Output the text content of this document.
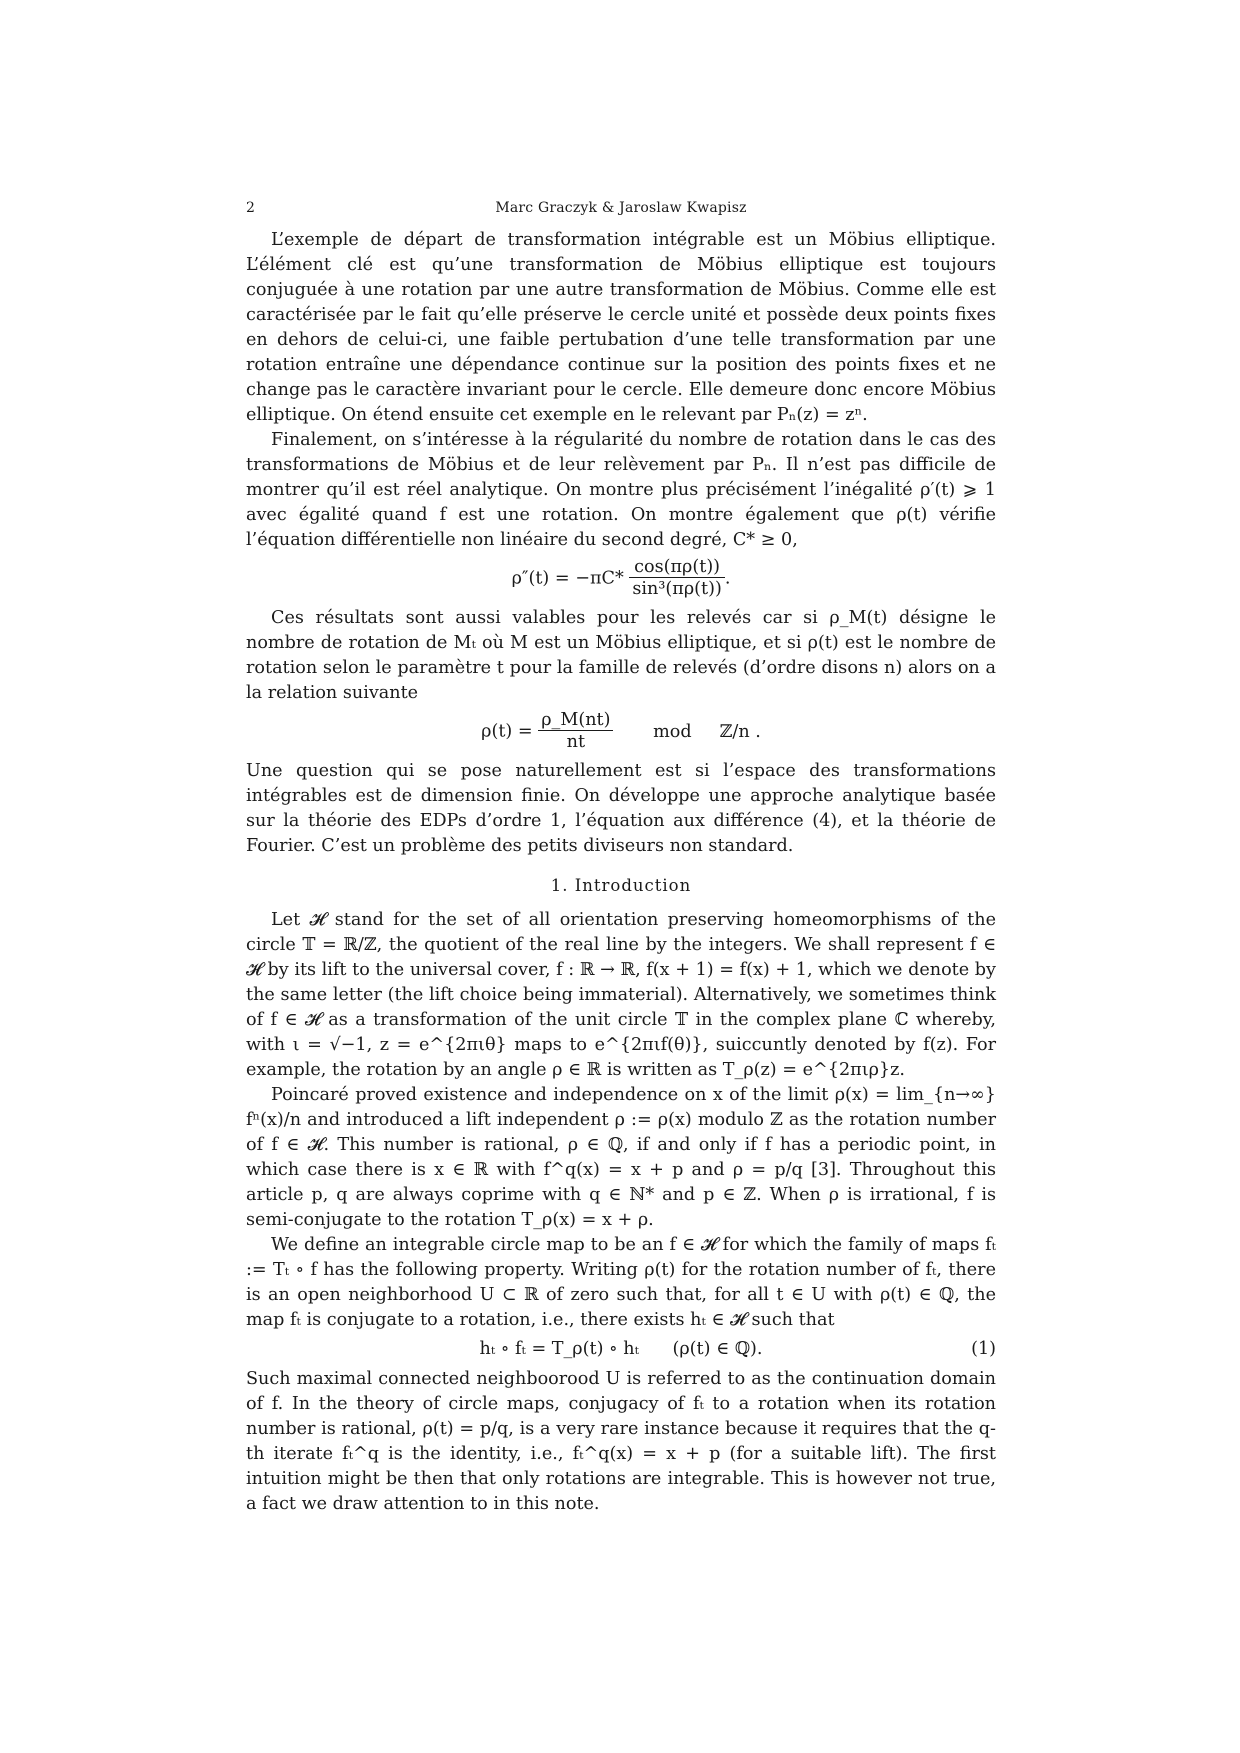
2	Marc Graczyk & Jaroslaw Kwapisz

L’exemple de départ de transformation intégrable est un Möbius elliptique. L’élément clé est qu’une transformation de Möbius elliptique est toujours conjuguée à une rotation par une autre transformation de Möbius. Comme elle est caractérisée par le fait qu’elle préserve le cercle unité et possède deux points fixes en dehors de celui-ci, une faible pertubation d’une telle transformation par une rotation entraîne une dépendance continue sur la position des points fixes et ne change pas le caractère invariant pour le cercle. Elle demeure donc encore Möbius elliptique. On étend ensuite cet exemple en le relevant par Pₙ(z) = zⁿ.

Finalement, on s’intéresse à la régularité du nombre de rotation dans le cas des transformations de Möbius et de leur relèvement par Pₙ. Il n’est pas difficile de montrer qu’il est réel analytique. On montre plus précisément l’inégalité ρ′(t) ⩾ 1 avec égalité quand f est une rotation. On montre également que ρ(t) vérifie l’équation différentielle non linéaire du second degré, C* ≥ 0,

$\rho''(t) = -\pi C* \frac{\cos(\pi\rho(t))}{\text{sin³(πρ(t))}}$ .

Ces résultats sont aussi valables pour les relevés car si ρ_M(t) désigne le nombre de rotation de Mₜ où M est un Möbius elliptique, et si ρ(t) est le nombre de rotation selon le paramètre t pour la famille de relevés (d’ordre disons n) alors on a la relation suivante

$\rho(t) = \frac{\rho\_M(nt)}{nt}$ mod     ℤ/n .

Une question qui se pose naturellement est si l’espace des transformations intégrables est de dimension finie. On développe une approche analytique basée sur la théorie des EDPs d’ordre 1, l’équation aux différence (4), et la théorie de Fourier. C’est un problème des petits diviseurs non standard.

1. Introduction

Let 𝓗 stand for the set of all orientation preserving homeomorphisms of the circle 𝕋 = ℝ/ℤ, the quotient of the real line by the integers. We shall represent f ∈ 𝓗 by its lift to the universal cover, f : ℝ → ℝ, f(x + 1) = f(x) + 1, which we denote by the same letter (the lift choice being immaterial). Alternatively, we sometimes think of f ∈ 𝓗 as a transformation of the unit circle 𝕋 in the complex plane ℂ whereby, with ι = √−1, z = e^{2πιθ} maps to e^{2πιf(θ)}, suiccuntly denoted by f(z). For example, the rotation by an angle ρ ∈ ℝ is written as T_ρ(z) = e^{2πιρ}z.

Poincaré proved existence and independence on x of the limit ρ(x) = lim_{n→∞} fⁿ(x)/n and introduced a lift independent ρ := ρ(x) modulo ℤ as the rotation number of f ∈ 𝓗. This number is rational, ρ ∈ ℚ, if and only if f has a periodic point, in which case there is x ∈ ℝ with f^q(x) = x + p and ρ = p/q [3]. Throughout this article p, q are always coprime with q ∈ ℕ* and p ∈ ℤ. When ρ is irrational, f is semi-conjugate to the rotation T_ρ(x) = x + ρ.

We define an integrable circle map to be an f ∈ 𝓗 for which the family of maps fₜ := Tₜ ∘ f has the following property. Writing ρ(t) for the rotation number of fₜ, there is an open neighborhood U ⊂ ℝ of zero such that, for all t ∈ U with ρ(t) ∈ ℚ, the map fₜ is conjugate to a rotation, i.e., there exists hₜ ∈ 𝓗 such that

hₜ ∘ fₜ = T_ρ(t) ∘ hₜ      (ρ(t) ∈ ℚ).	(1)

Such maximal connected neighboorood U is referred to as the continuation domain of f. In the theory of circle maps, conjugacy of fₜ to a rotation when its rotation number is rational, ρ(t) = p/q, is a very rare instance because it requires that the q-th iterate fₜ^q is the identity, i.e., fₜ^q(x) = x + p (for a suitable lift). The first intuition might be then that only rotations are integrable. This is however not true, a fact we draw attention to in this note.
